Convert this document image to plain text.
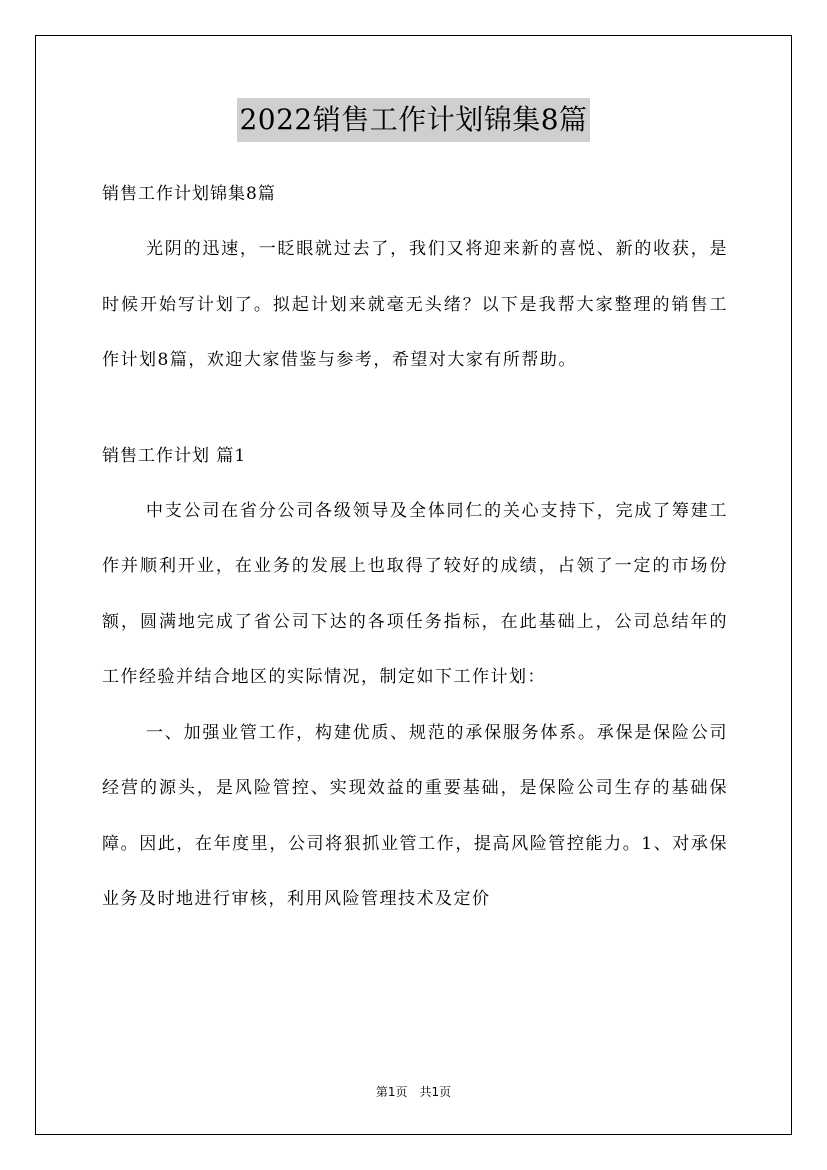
2022销售工作计划锦集8篇

销售工作计划锦集8篇

光阴的迅速，一眨眼就过去了，我们又将迎来新的喜悦、新的收获，是时候开始写计划了。拟起计划来就毫无头绪？以下是我帮大家整理的销售工作计划8篇，欢迎大家借鉴与参考，希望对大家有所帮助。

销售工作计划 篇1

中支公司在省分公司各级领导及全体同仁的关心支持下，完成了筹建工作并顺利开业，在业务的发展上也取得了较好的成绩，占领了一定的市场份额，圆满地完成了省公司下达的各项任务指标，在此基础上，公司总结年的工作经验并结合地区的实际情况，制定如下工作计划：

一、加强业管工作，构建优质、规范的承保服务体系。承保是保险公司经营的源头，是风险管控、实现效益的重要基础，是保险公司生存的基础保障。因此，在年度里，公司将狠抓业管工作，提高风险管控能力。1、对承保业务及时地进行审核，利用风险管理技术及定价

第1页　共1页
